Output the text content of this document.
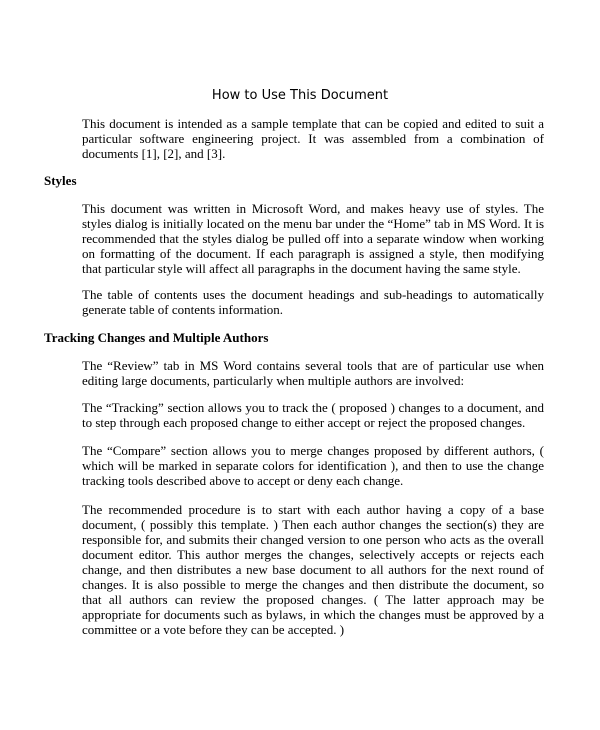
How to Use This Document

This document is intended as a sample template that can be copied and edited to suit a particular software engineering project. It was assembled from a combination of documents [1], [2], and [3].

Styles

This document was written in Microsoft Word, and makes heavy use of styles. The styles dialog is initially located on the menu bar under the “Home” tab in MS Word. It is recommended that the styles dialog be pulled off into a separate window when working on formatting of the document. If each paragraph is assigned a style, then modifying that particular style will affect all paragraphs in the document having the same style.

The table of contents uses the document headings and sub-headings to automatically generate table of contents information.

Tracking Changes and Multiple Authors

The “Review” tab in MS Word contains several tools that are of particular use when editing large documents, particularly when multiple authors are involved:

The “Tracking” section allows you to track the ( proposed ) changes to a document, and to step through each proposed change to either accept or reject the proposed changes.

The “Compare” section allows you to merge changes proposed by different authors, ( which will be marked in separate colors for identification ), and then to use the change tracking tools described above to accept or deny each change.

The recommended procedure is to start with each author having a copy of a base document, ( possibly this template. ) Then each author changes the section(s) they are responsible for, and submits their changed version to one person who acts as the overall document editor. This author merges the changes, selectively accepts or rejects each change, and then distributes a new base document to all authors for the next round of changes. It is also possible to merge the changes and then distribute the document, so that all authors can review the proposed changes. ( The latter approach may be appropriate for documents such as bylaws, in which the changes must be approved by a committee or a vote before they can be accepted. )
